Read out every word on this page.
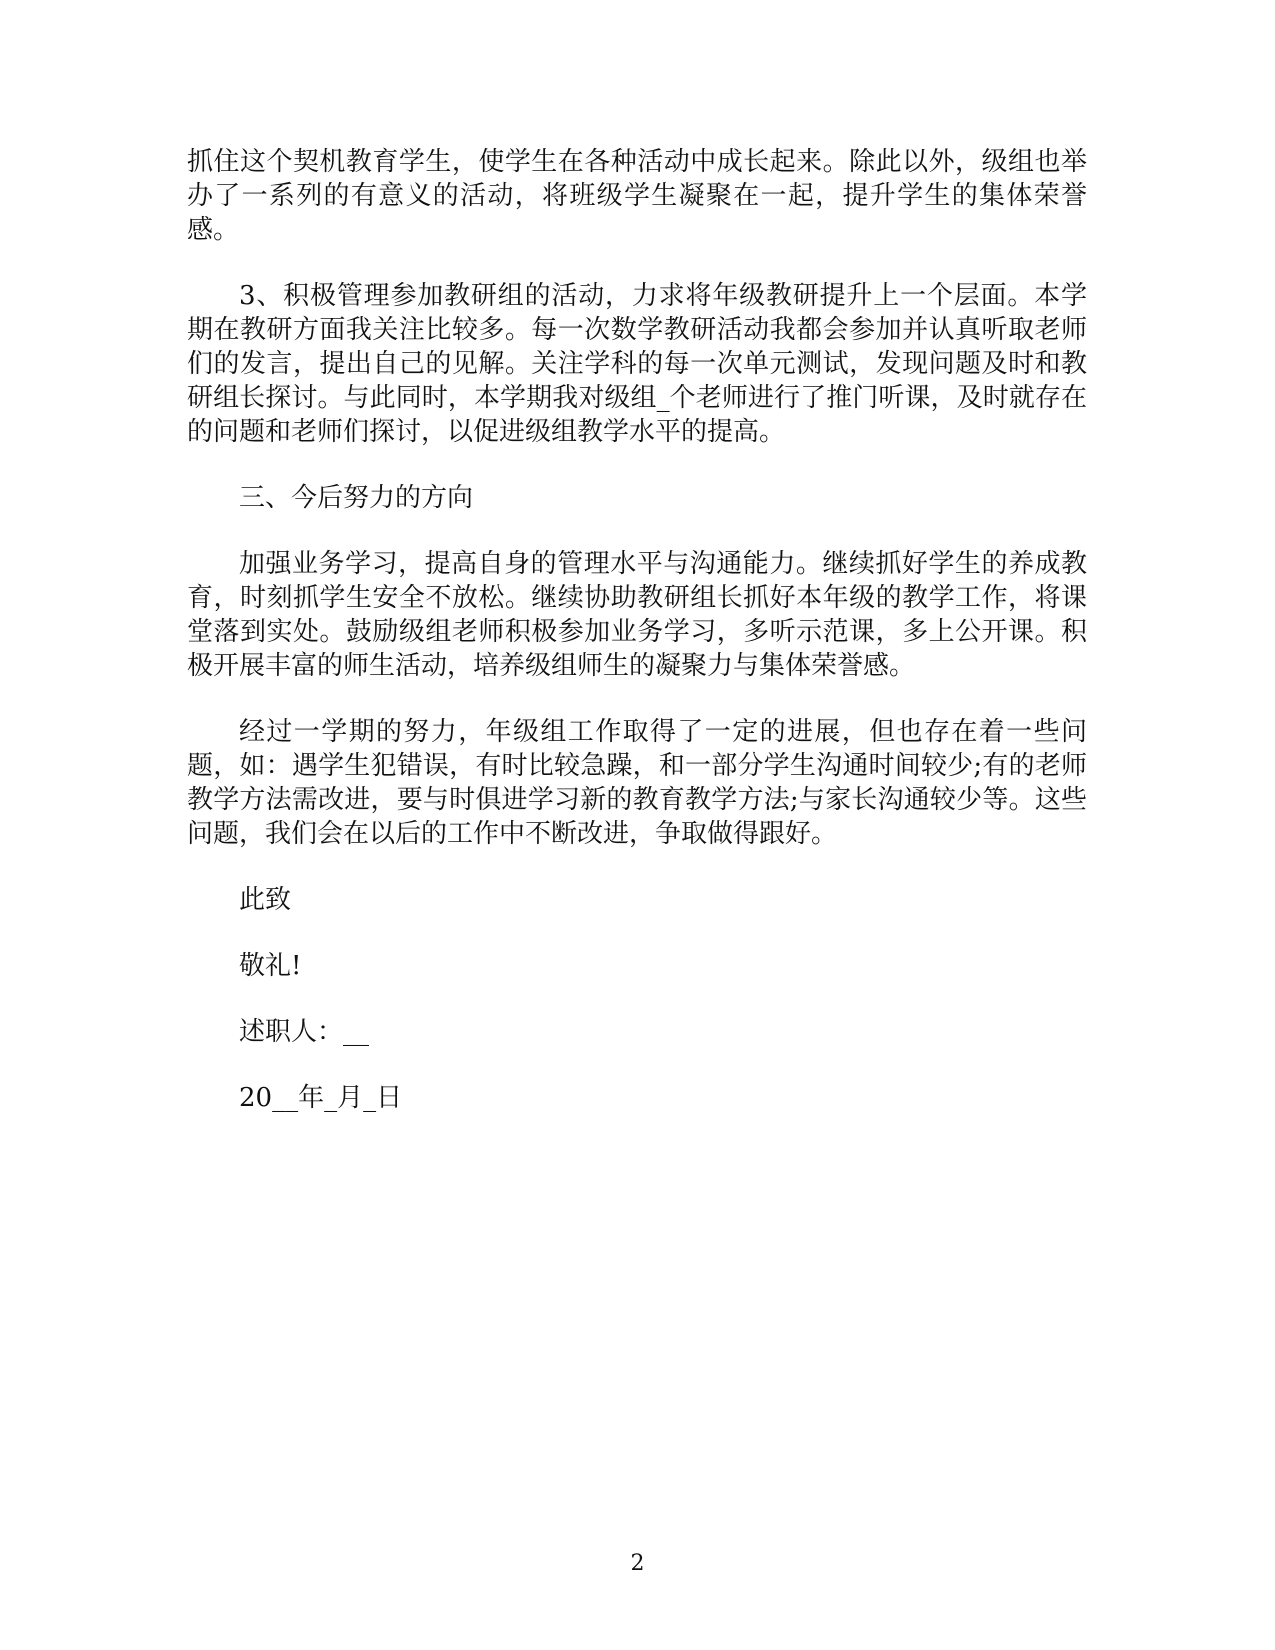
抓住这个契机教育学生，使学生在各种活动中成长起来。除此以外，级组也举办了一系列的有意义的活动，将班级学生凝聚在一起，提升学生的集体荣誉感。

3、积极管理参加教研组的活动，力求将年级教研提升上一个层面。本学期在教研方面我关注比较多。每一次数学教研活动我都会参加并认真听取老师们的发言，提出自己的见解。关注学科的每一次单元测试，发现问题及时和教研组长探讨。与此同时，本学期我对级组_个老师进行了推门听课，及时就存在的问题和老师们探讨，以促进级组教学水平的提高。

三、今后努力的方向

加强业务学习，提高自身的管理水平与沟通能力。继续抓好学生的养成教育，时刻抓学生安全不放松。继续协助教研组长抓好本年级的教学工作，将课堂落到实处。鼓励级组老师积极参加业务学习，多听示范课，多上公开课。积极开展丰富的师生活动，培养级组师生的凝聚力与集体荣誉感。

经过一学期的努力，年级组工作取得了一定的进展，但也存在着一些问题，如：遇学生犯错误，有时比较急躁，和一部分学生沟通时间较少;有的老师教学方法需改进，要与时俱进学习新的教育教学方法;与家长沟通较少等。这些问题，我们会在以后的工作中不断改进，争取做得跟好。

此致

敬礼!

述职人：__

20__年_月_日

2
